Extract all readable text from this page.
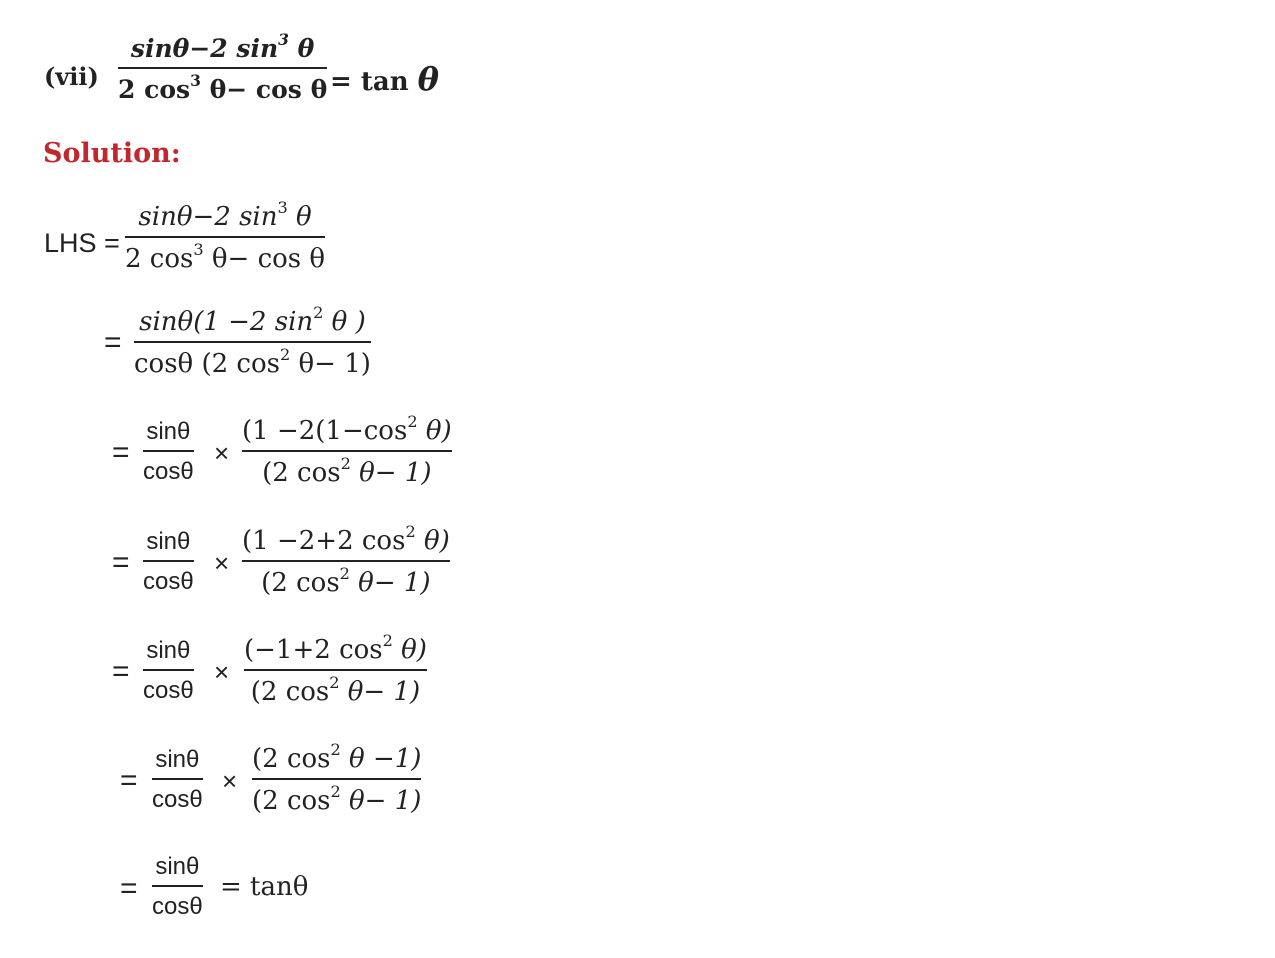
(vii)
sinθ−2 $\sin^3 \theta$
2 $\cos^3 \theta- \cos \theta = \tan \theta$
Solution:
LHS =
sinθ−2 $\sin^3 \theta$
2 $\cos^3 \theta- \cos \theta$
=
sinθ(1 −2 $\sin^2 \theta$ )
cosθ (2 $\cos^2 \theta- 1$)
=
sinθ
cosθ
×
($1 -2(1-\cos^2$ θ)
(2 $\cos^2 \theta- 1$)
=
sinθ
cosθ
×
(1 −2+2 $\cos^2 \theta$)
(2 $\cos^2 \theta- 1$)
=
sinθ
cosθ
×
(−1+2 $\cos^2 \theta$)
(2 $\cos^2 \theta- 1$)
=
sinθ
cosθ
×
(2 $\cos^2 \theta -1$)
(2 $\cos^2 \theta- 1$)
=
sinθ
cosθ
= tanθ
